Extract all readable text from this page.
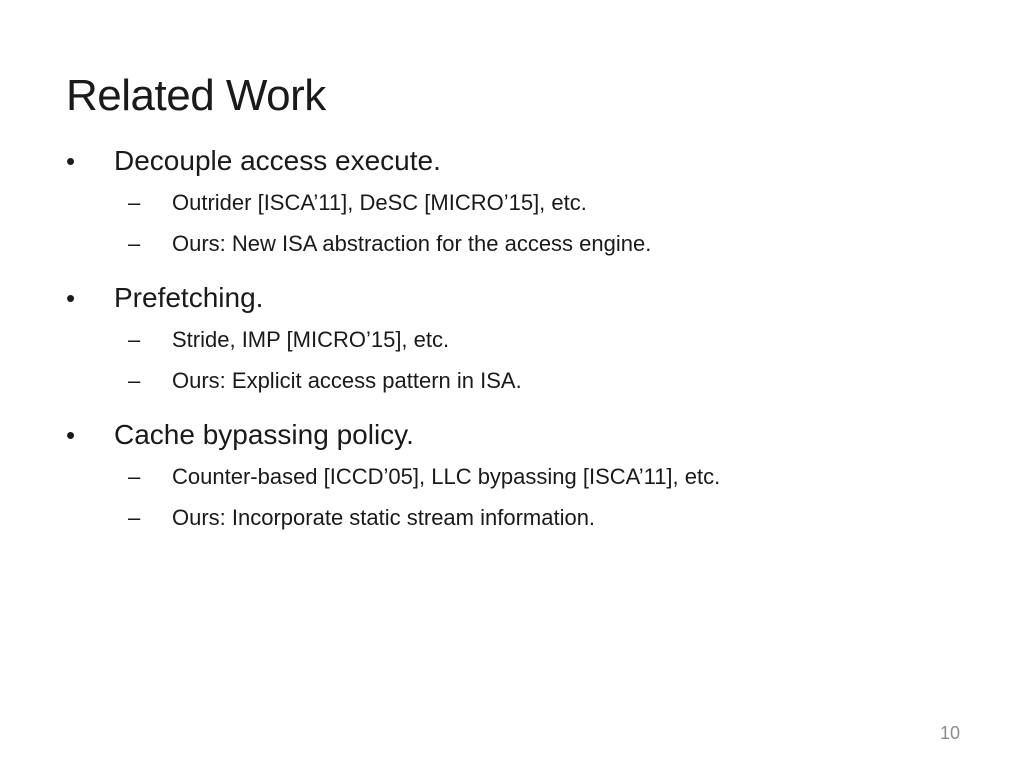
Related Work
• Decouple access execute.
– Outrider [ISCA’11], DeSC [MICRO’15], etc.
– Ours: New ISA abstraction for the access engine.
• Prefetching.
– Stride, IMP [MICRO’15], etc.
– Ours: Explicit access pattern in ISA.
• Cache bypassing policy.
– Counter-based [ICCD’05], LLC bypassing [ISCA’11], etc.
– Ours: Incorporate static stream information.
10
